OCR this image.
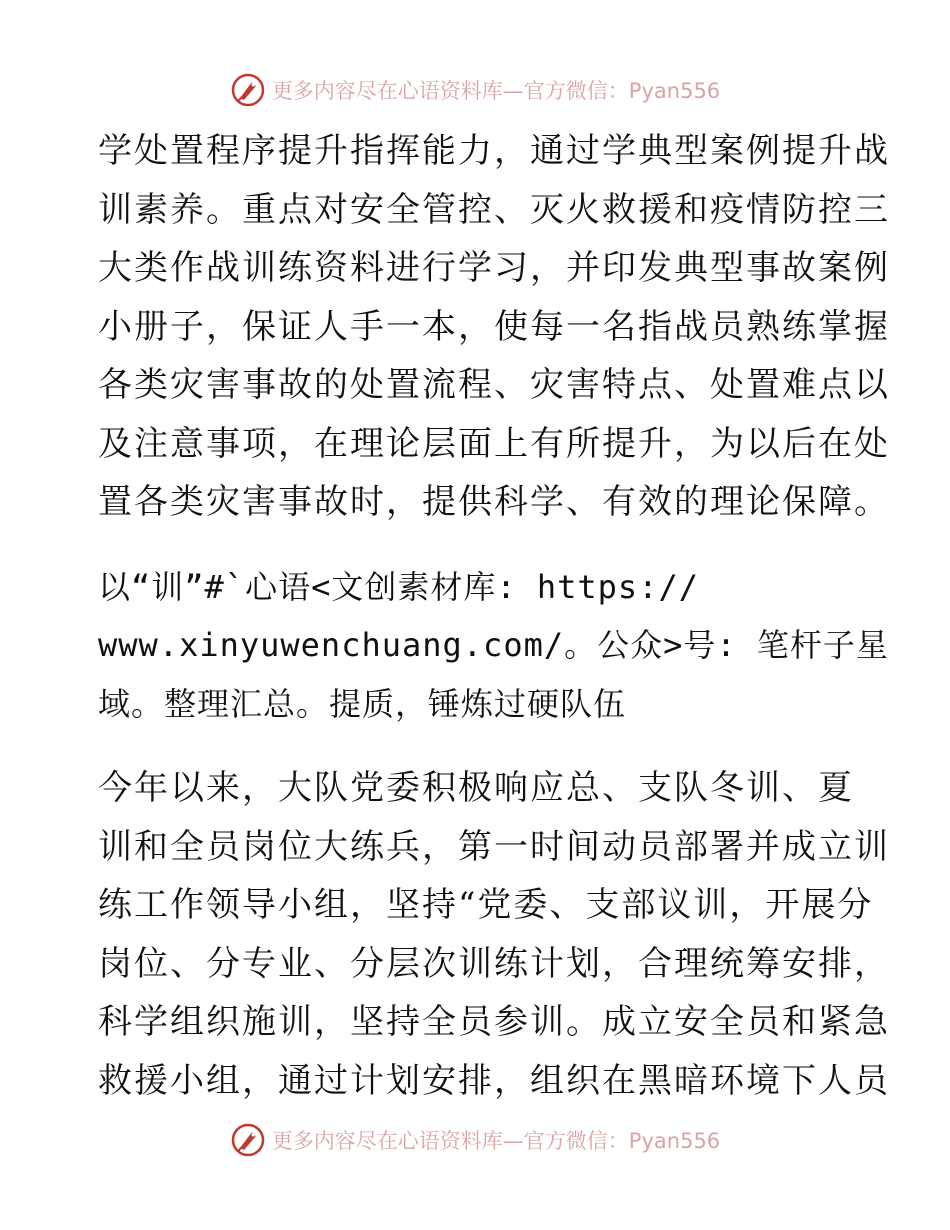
更多内容尽在心语资料库—官方微信：Pyan556
学处置程序提升指挥能力，通过学典型案例提升战
训素养。重点对安全管控、灭火救援和疫情防控三
大类作战训练资料进行学习，并印发典型事故案例
小册子，保证人手一本，使每一名指战员熟练掌握
各类灾害事故的处置流程、灾害特点、处置难点以
及注意事项，在理论层面上有所提升，为以后在处
置各类灾害事故时，提供科学、有效的理论保障。
以“训”#`心语<文创素材库: https://
www.xinyuwenchuang.com/。公众>号: 笔杆子星
域。整理汇总。提质，锤炼过硬队伍
今年以来，大队党委积极响应总、支队冬训、夏
训和全员岗位大练兵，第一时间动员部署并成立训
练工作领导小组，坚持“党委、支部议训，开展分
岗位、分专业、分层次训练计划，合理统筹安排，
科学组织施训，坚持全员参训。成立安全员和紧急
救援小组，通过计划安排，组织在黑暗环境下人员
更多内容尽在心语资料库—官方微信：Pyan556
